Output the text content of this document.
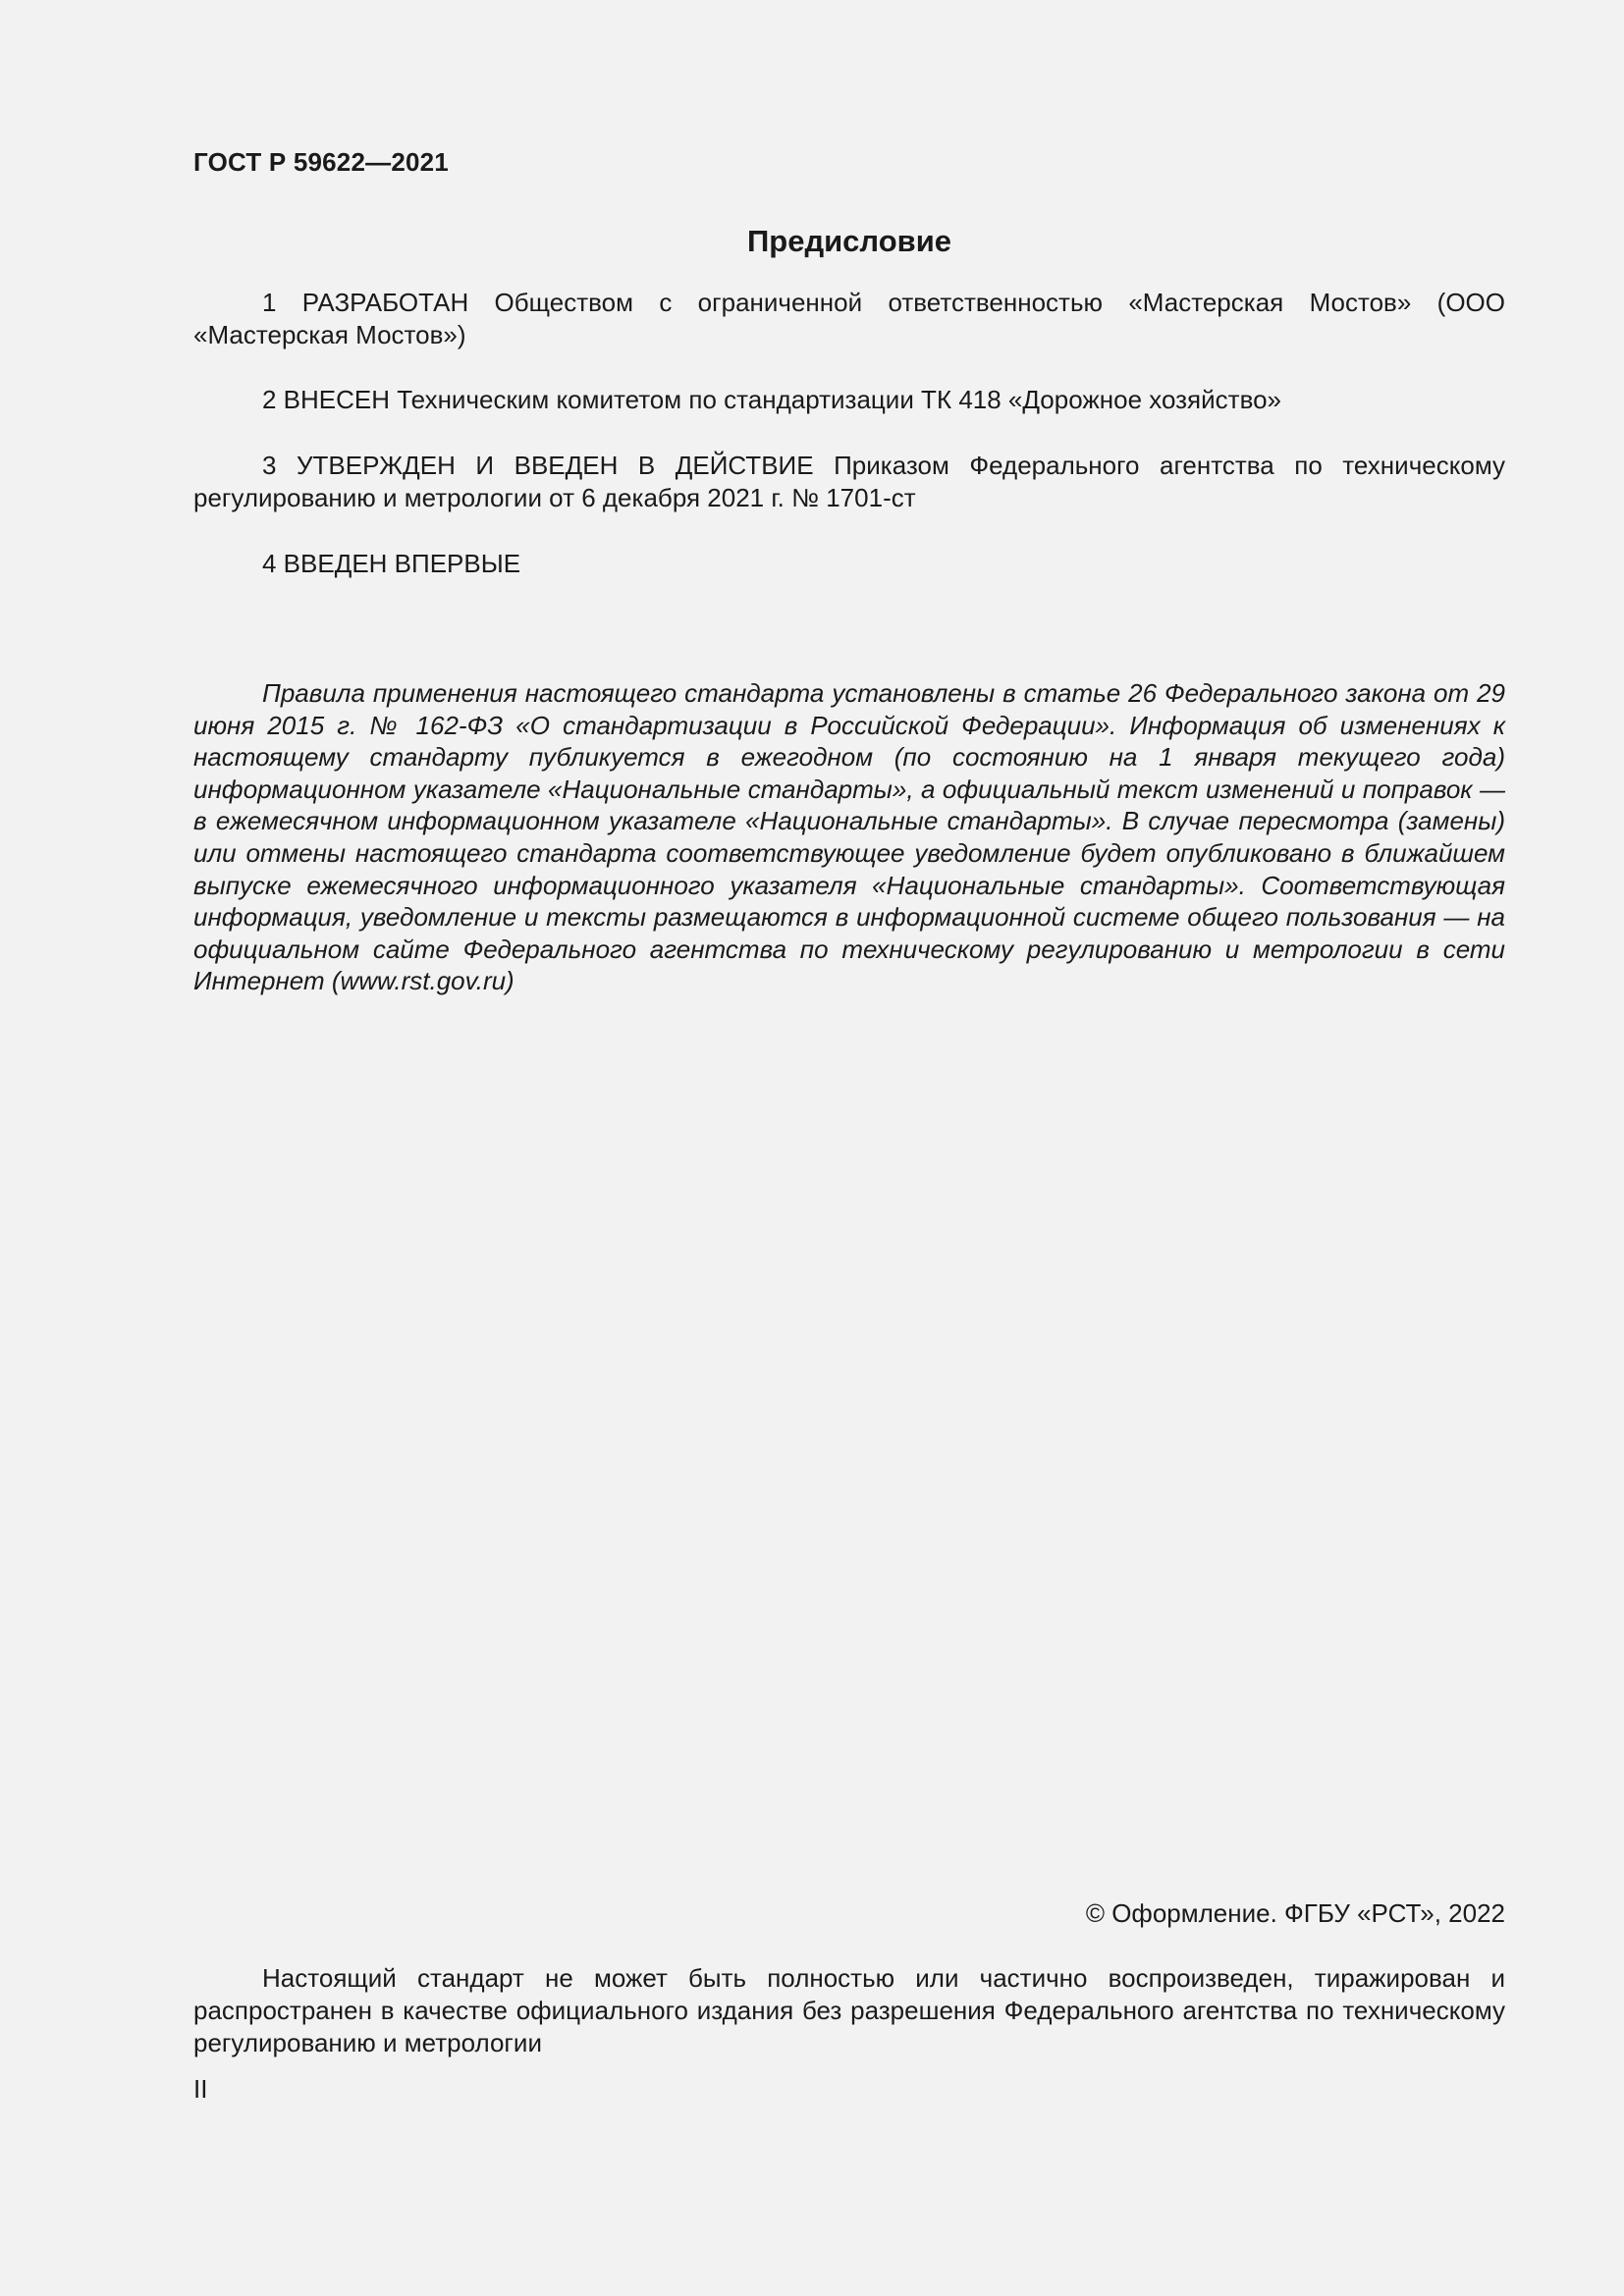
ГОСТ Р 59622—2021
Предисловие

1 РАЗРАБОТАН Обществом с ограниченной ответственностью «Мастерская Мостов» (ООО «Мастерская Мостов»)

2 ВНЕСЕН Техническим комитетом по стандартизации ТК 418 «Дорожное хозяйство»

3 УТВЕРЖДЕН И ВВЕДЕН В ДЕЙСТВИЕ Приказом Федерального агентства по техническому регулированию и метрологии от 6 декабря 2021 г. № 1701-ст

4 ВВЕДЕН ВПЕРВЫЕ

Правила применения настоящего стандарта установлены в статье 26 Федерального закона от 29 июня 2015 г. № 162-ФЗ «О стандартизации в Российской Федерации». Информация об изменениях к настоящему стандарту публикуется в ежегодном (по состоянию на 1 января текущего года) информационном указателе «Национальные стандарты», а официальный текст изменений и поправок — в ежемесячном информационном указателе «Национальные стандарты». В случае пересмотра (замены) или отмены настоящего стандарта соответствующее уведомление будет опубликовано в ближайшем выпуске ежемесячного информационного указателя «Национальные стандарты». Соответствующая информация, уведомление и тексты размещаются в информационной системе общего пользования — на официальном сайте Федерального агентства по техническому регулированию и метрологии в сети Интернет (www.rst.gov.ru)

© Оформление. ФГБУ «РСТ», 2022

Настоящий стандарт не может быть полностью или частично воспроизведен, тиражирован и распространен в качестве официального издания без разрешения Федерального агентства по техническому регулированию и метрологии

II
